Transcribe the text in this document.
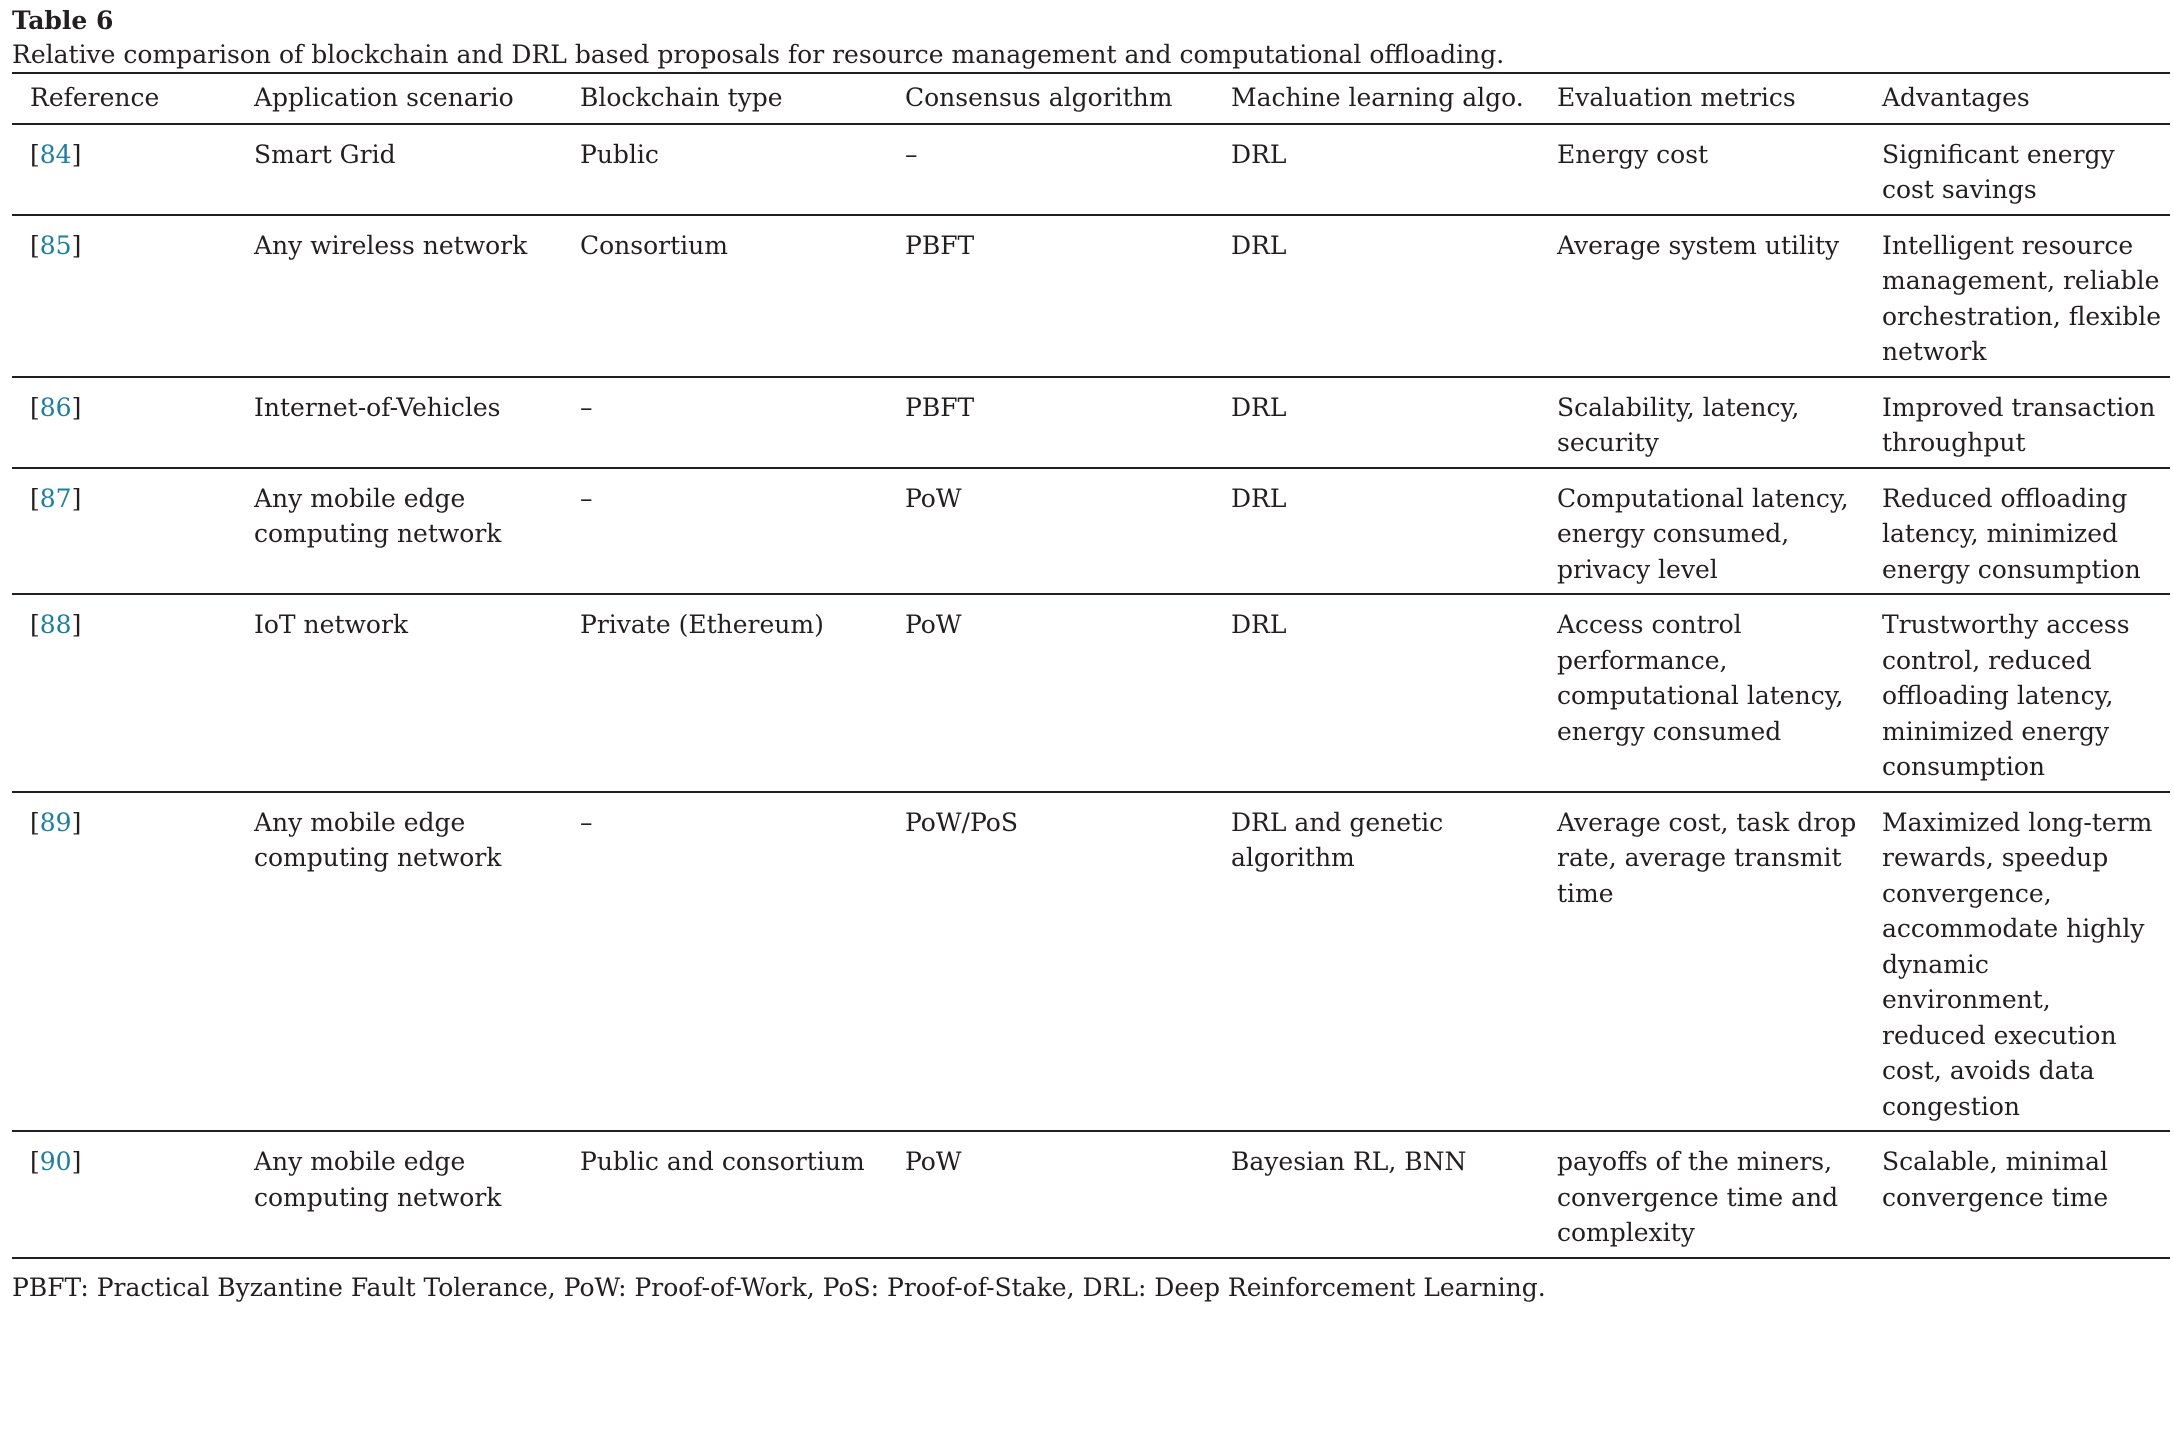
Table 6
Relative comparison of blockchain and DRL based proposals for resource management and computational offloading.
Reference	Application scenario	Blockchain type	Consensus algorithm	Machine learning algo.	Evaluation metrics	Advantages
[84]	Smart Grid	Public	–	DRL	Energy cost	Significant energy cost savings
[85]	Any wireless network	Consortium	PBFT	DRL	Average system utility	Intelligent resource management, reliable orchestration, flexible network
[86]	Internet-of-Vehicles	–	PBFT	DRL	Scalability, latency, security	Improved transaction throughput
[87]	Any mobile edge computing network	–	PoW	DRL	Computational latency, energy consumed, privacy level	Reduced offloading latency, minimized energy consumption
[88]	IoT network	Private (Ethereum)	PoW	DRL	Access control performance, computational latency, energy consumed	Trustworthy access control, reduced offloading latency, minimized energy consumption
[89]	Any mobile edge computing network	–	PoW/PoS	DRL and genetic algorithm	Average cost, task drop rate, average transmit time	Maximized long-term rewards, speedup convergence, accommodate highly dynamic environment, reduced execution cost, avoids data congestion
[90]	Any mobile edge computing network	Public and consortium	PoW	Bayesian RL, BNN	payoffs of the miners, convergence time and complexity	Scalable, minimal convergence time
PBFT: Practical Byzantine Fault Tolerance, PoW: Proof-of-Work, PoS: Proof-of-Stake, DRL: Deep Reinforcement Learning.
